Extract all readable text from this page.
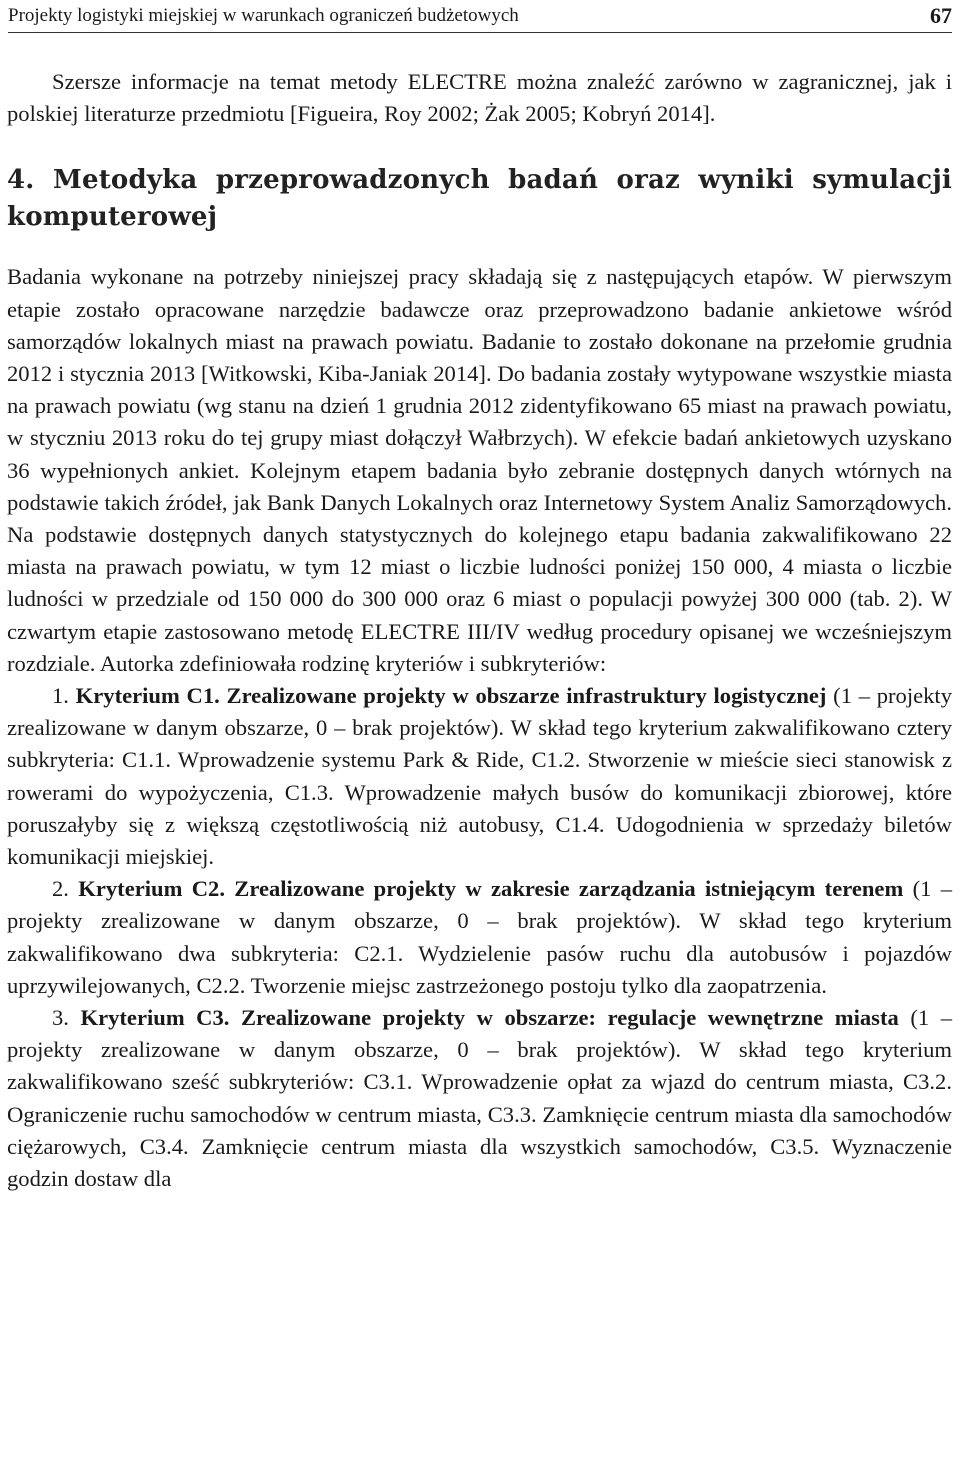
Projekty logistyki miejskiej w warunkach ograniczeń budżetowych	67

Szersze informacje na temat metody ELECTRE można znaleźć zarówno w zagranicznej, jak i polskiej literaturze przedmiotu [Figueira, Roy 2002; Żak 2005; Kobryń 2014].

4. Metodyka przeprowadzonych badań oraz wyniki symulacji komputerowej

Badania wykonane na potrzeby niniejszej pracy składają się z następujących etapów. W pierwszym etapie zostało opracowane narzędzie badawcze oraz przeprowadzono badanie ankietowe wśród samorządów lokalnych miast na prawach powiatu. Badanie to zostało dokonane na przełomie grudnia 2012 i stycznia 2013 [Witkowski, Kiba-Janiak 2014]. Do badania zostały wytypowane wszystkie miasta na prawach powiatu (wg stanu na dzień 1 grudnia 2012 zidentyfikowano 65 miast na prawach powiatu, w styczniu 2013 roku do tej grupy miast dołączył Wałbrzych). W efekcie badań ankietowych uzyskano 36 wypełnionych ankiet. Kolejnym etapem badania było zebranie dostępnych danych wtórnych na podstawie takich źródeł, jak Bank Danych Lokalnych oraz Internetowy System Analiz Samorządowych. Na podstawie dostępnych danych statystycznych do kolejnego etapu badania zakwalifikowano 22 miasta na prawach powiatu, w tym 12 miast o liczbie ludności poniżej 150 000, 4 miasta o liczbie ludności w przedziale od 150 000 do 300 000 oraz 6 miast o populacji powyżej 300 000 (tab. 2). W czwartym etapie zastosowano metodę ELECTRE III/IV według procedury opisanej we wcześniejszym rozdziale. Autorka zdefiniowała rodzinę kryteriów i subkryteriów:

1. Kryterium C1. Zrealizowane projekty w obszarze infrastruktury logistycznej (1 – projekty zrealizowane w danym obszarze, 0 – brak projektów). W skład tego kryterium zakwalifikowano cztery subkryteria: C1.1. Wprowadzenie systemu Park & Ride, C1.2. Stworzenie w mieście sieci stanowisk z rowerami do wypożyczenia, C1.3. Wprowadzenie małych busów do komunikacji zbiorowej, które poruszałyby się z większą częstotliwością niż autobusy, C1.4. Udogodnienia w sprzedaży biletów komunikacji miejskiej.

2. Kryterium C2. Zrealizowane projekty w zakresie zarządzania istniejącym terenem (1 – projekty zrealizowane w danym obszarze, 0 – brak projektów). W skład tego kryterium zakwalifikowano dwa subkryteria: C2.1. Wydzielenie pasów ruchu dla autobusów i pojazdów uprzywilejowanych, C2.2. Tworzenie miejsc zastrzeżonego postoju tylko dla zaopatrzenia.

3. Kryterium C3. Zrealizowane projekty w obszarze: regulacje wewnętrzne miasta (1 – projekty zrealizowane w danym obszarze, 0 – brak projektów). W skład tego kryterium zakwalifikowano sześć subkryteriów: C3.1. Wprowadzenie opłat za wjazd do centrum miasta, C3.2. Ograniczenie ruchu samochodów w centrum miasta, C3.3. Zamknięcie centrum miasta dla samochodów ciężarowych, C3.4. Zamknięcie centrum miasta dla wszystkich samochodów, C3.5. Wyznaczenie godzin dostaw dla
